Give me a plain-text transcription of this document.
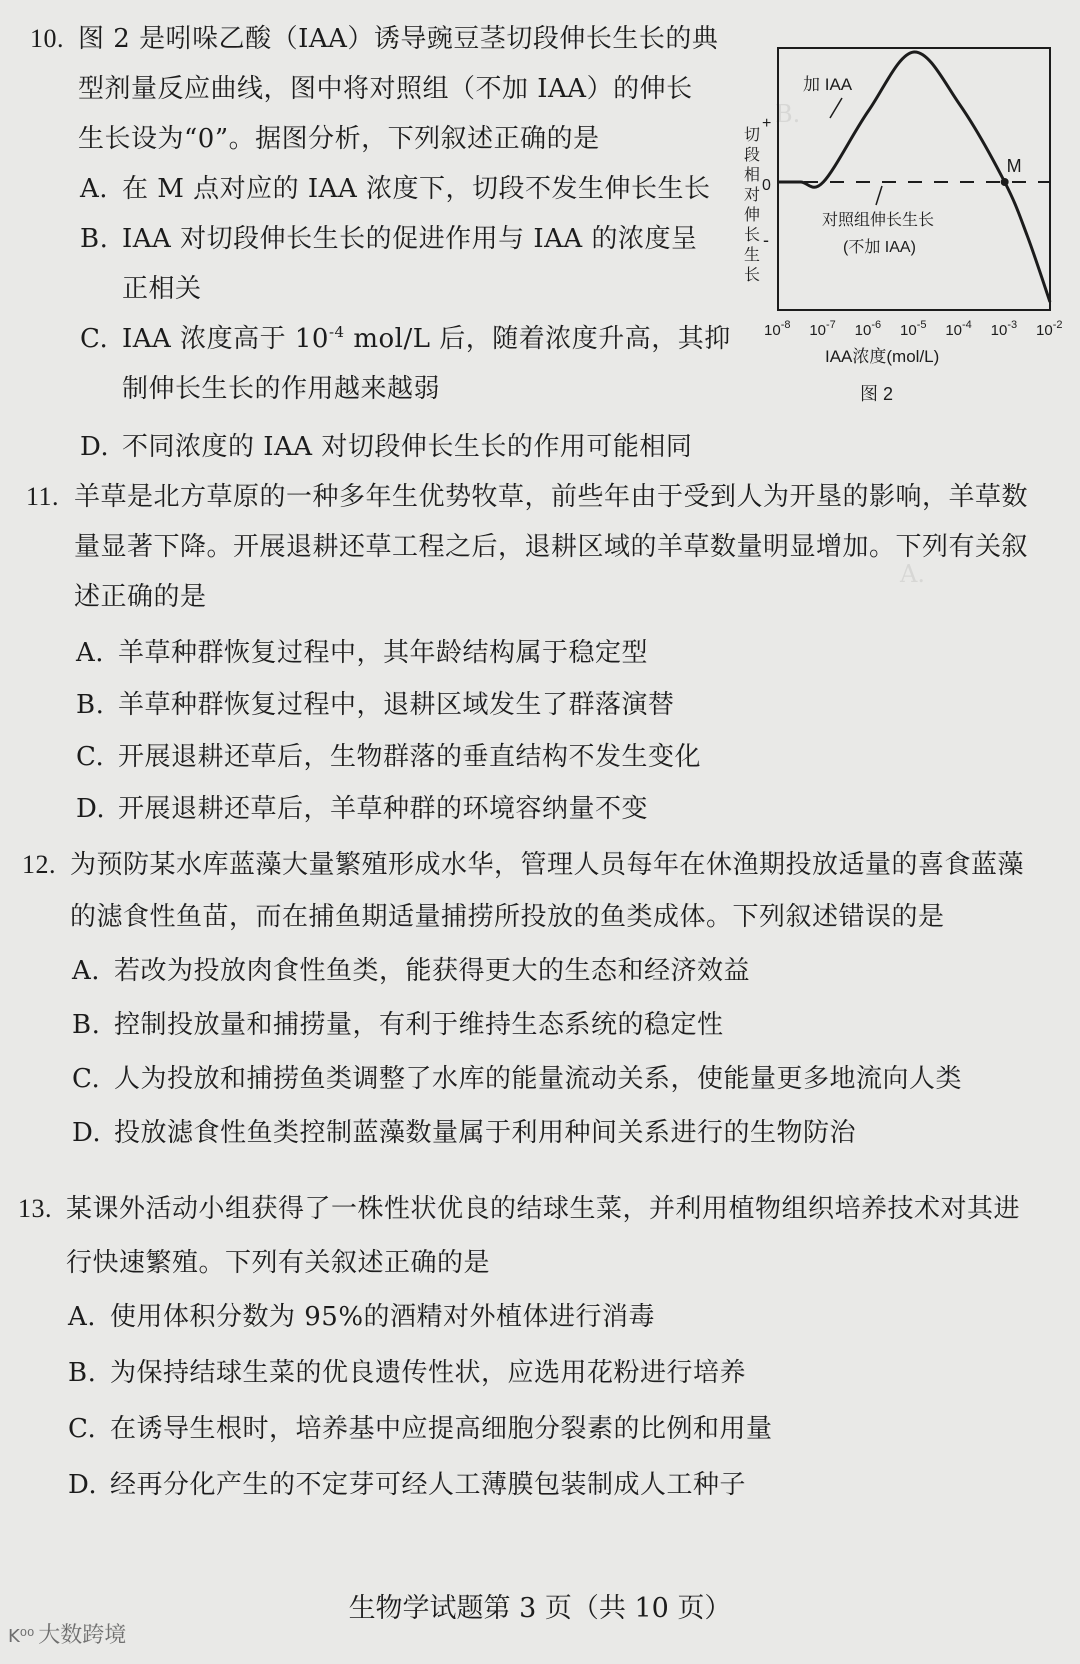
B.
A.
10. 图 2 是吲哚乙酸（IAA）诱导豌豆茎切段伸长生长的典
型剂量反应曲线，图中将对照组（不加 IAA）的伸长
生长设为“0”。据图分析，下列叙述正确的是
A. 在 M 点对应的 IAA 浓度下，切段不发生伸长生长
B. IAA 对切段伸长生长的促进作用与 IAA 的浓度呈
正相关
C. IAA 浓度高于 $10^{-4}$ mol/L 后，随着浓度升高，其抑
制伸长生长的作用越来越弱
D. 不同浓度的 IAA 对切段伸长生长的作用可能相同
M
加 IAA
对照组伸长生长
(不加 IAA)
切段相对伸长生长
+
0
-
$10^{-8}$ $10^{-7}$ $10^{-6}$ $10^{-5}$ $10^{-4}$ $10^{-3}$ $10^{-2}$
IAA浓度(mol/L)
图 2
11. 羊草是北方草原的一种多年生优势牧草，前些年由于受到人为开垦的影响，羊草数
量显著下降。开展退耕还草工程之后，退耕区域的羊草数量明显增加。下列有关叙
述正确的是
A. 羊草种群恢复过程中，其年龄结构属于稳定型
B. 羊草种群恢复过程中，退耕区域发生了群落演替
C. 开展退耕还草后，生物群落的垂直结构不发生变化
D. 开展退耕还草后，羊草种群的环境容纳量不变
12. 为预防某水库蓝藻大量繁殖形成水华，管理人员每年在休渔期投放适量的喜食蓝藻
的滤食性鱼苗，而在捕鱼期适量捕捞所投放的鱼类成体。下列叙述错误的是
A. 若改为投放肉食性鱼类，能获得更大的生态和经济效益
B. 控制投放量和捕捞量，有利于维持生态系统的稳定性
C. 人为投放和捕捞鱼类调整了水库的能量流动关系，使能量更多地流向人类
D. 投放滤食性鱼类控制蓝藻数量属于利用种间关系进行的生物防治
13. 某课外活动小组获得了一株性状优良的结球生菜，并利用植物组织培养技术对其进
行快速繁殖。下列有关叙述正确的是
A. 使用体积分数为 95%的酒精对外植体进行消毒
B. 为保持结球生菜的优良遗传性状，应选用花粉进行培养
C. 在诱导生根时，培养基中应提高细胞分裂素的比例和用量
D. 经再分化产生的不定芽可经人工薄膜包装制成人工种子
生物学试题第 3 页（共 10 页）
K⁰⁰ 大数跨境
